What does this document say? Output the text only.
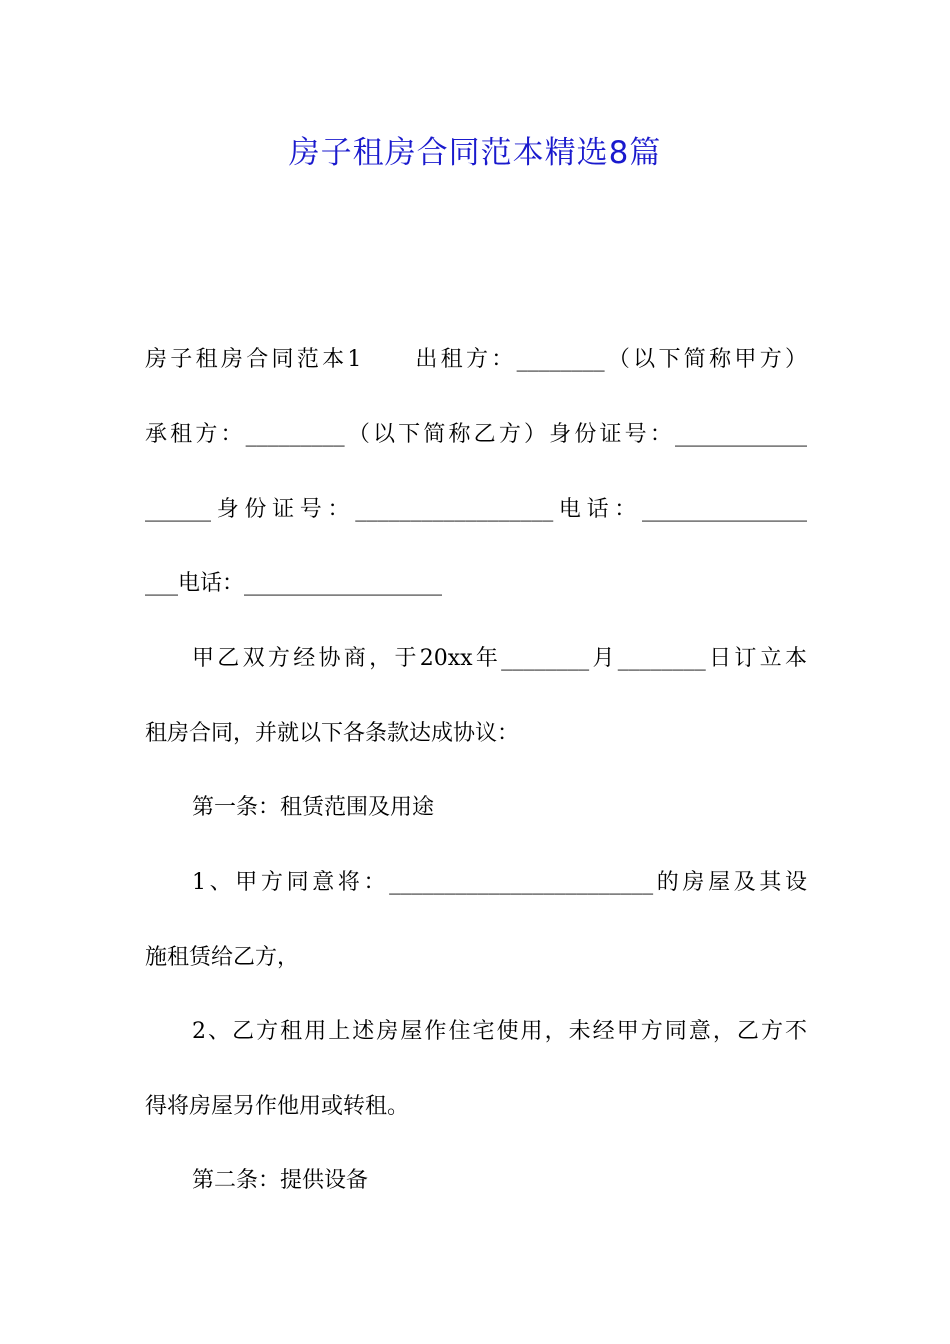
房子租房合同范本精选8篇
房子租房合同范本1　　出租方：________（以下简称甲方）
承租方：_________（以下简称乙方）身份证号：____________
______身份证号：__________________电话：_______________
___电话：__________________
甲乙双方经协商，于20xx年________月________日订立本
租房合同，并就以下各条款达成协议：
第一条：租赁范围及用途
1、甲方同意将：________________________的房屋及其设
施租赁给乙方，
2、乙方租用上述房屋作住宅使用，未经甲方同意，乙方不
得将房屋另作他用或转租。
第二条：提供设备
